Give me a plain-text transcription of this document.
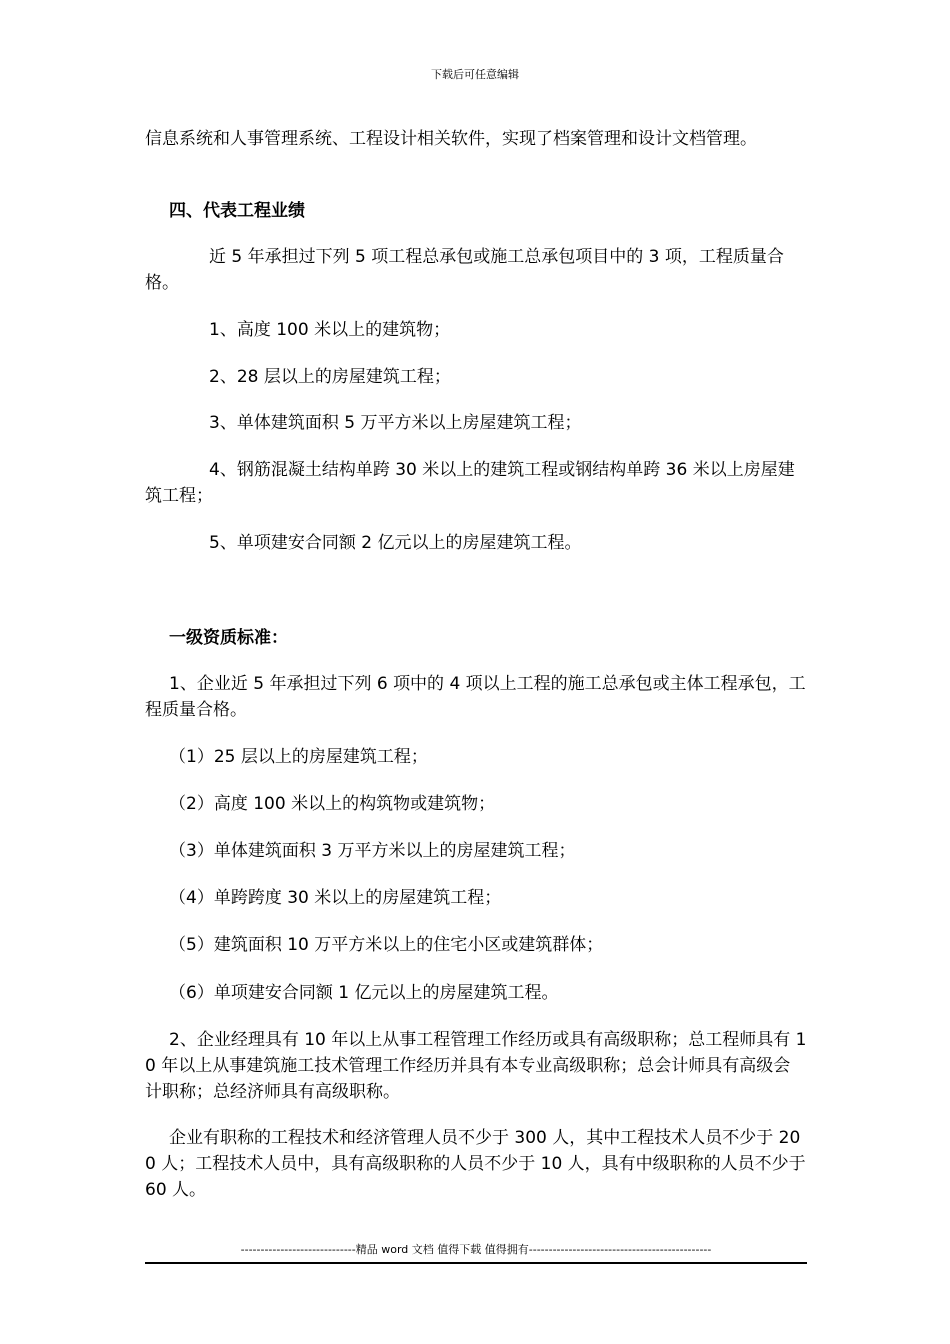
下载后可任意编辑
信息系统和人事管理系统、工程设计相关软件，实现了档案管理和设计文档管理。
四、代表工程业绩
近 5 年承担过下列 5 项工程总承包或施工总承包项目中的 3 项，工程质量合格。
1、高度 100 米以上的建筑物；
2、28 层以上的房屋建筑工程；
3、单体建筑面积 5 万平方米以上房屋建筑工程；
4、钢筋混凝土结构单跨 30 米以上的建筑工程或钢结构单跨 36 米以上房屋建筑工程；
5、单项建安合同额 2 亿元以上的房屋建筑工程。
一级资质标准：
1、企业近 5 年承担过下列 6 项中的 4 项以上工程的施工总承包或主体工程承包，工程质量合格。
（1）25 层以上的房屋建筑工程；
（2）高度 100 米以上的构筑物或建筑物；
（3）单体建筑面积 3 万平方米以上的房屋建筑工程；
（4）单跨跨度 30 米以上的房屋建筑工程；
（5）建筑面积 10 万平方米以上的住宅小区或建筑群体；
（6）单项建安合同额 1 亿元以上的房屋建筑工程。
2、企业经理具有 10 年以上从事工程管理工作经历或具有高级职称；总工程师具有 10 年以上从事建筑施工技术管理工作经历并具有本专业高级职称；总会计师具有高级会计职称；总经济师具有高级职称。
企业有职称的工程技术和经济管理人员不少于 300 人，其中工程技术人员不少于 200 人；工程技术人员中，具有高级职称的人员不少于 10 人，具有中级职称的人员不少于 60 人。
-----------------------------精品 word 文档 值得下载 值得拥有----------------------------------------------
